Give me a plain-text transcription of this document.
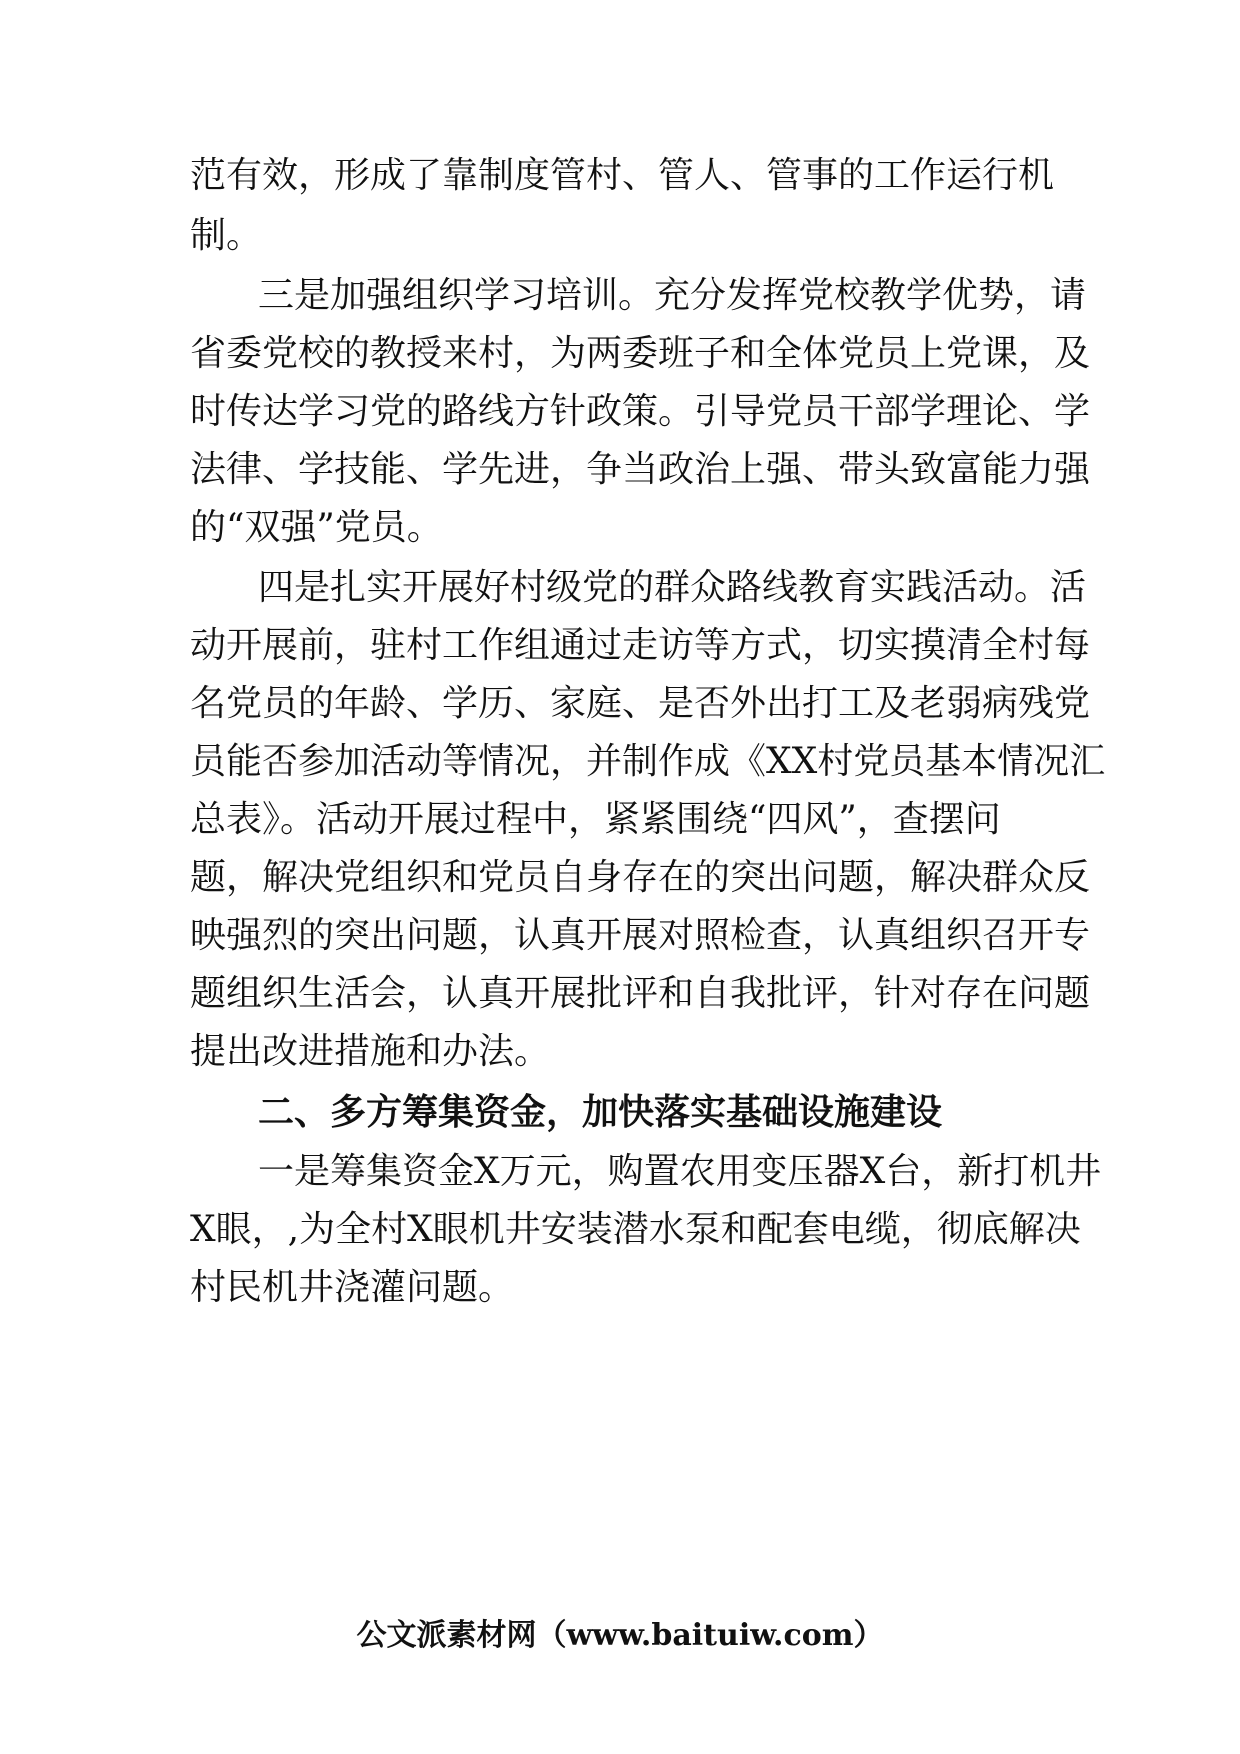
范有效，形成了靠制度管村、管人、管事的工作运行机
制。
三是加强组织学习培训。充分发挥党校教学优势，请
省委党校的教授来村，为两委班子和全体党员上党课，及
时传达学习党的路线方针政策。引导党员干部学理论、学
法律、学技能、学先进，争当政治上强、带头致富能力强
的“双强”党员。
四是扎实开展好村级党的群众路线教育实践活动。活
动开展前，驻村工作组通过走访等方式，切实摸清全村每
名党员的年龄、学历、家庭、是否外出打工及老弱病残党
员能否参加活动等情况，并制作成《XX村党员基本情况汇
总表》。活动开展过程中，紧紧围绕“四风”，查摆问
题，解决党组织和党员自身存在的突出问题，解决群众反
映强烈的突出问题，认真开展对照检查，认真组织召开专
题组织生活会，认真开展批评和自我批评，针对存在问题
提出改进措施和办法。
二、多方筹集资金，加快落实基础设施建设
一是筹集资金X万元，购置农用变压器X台，新打机井
X眼，,为全村X眼机井安装潜水泵和配套电缆，彻底解决
村民机井浇灌问题。
公文派素材网（www.baituiw.com）
